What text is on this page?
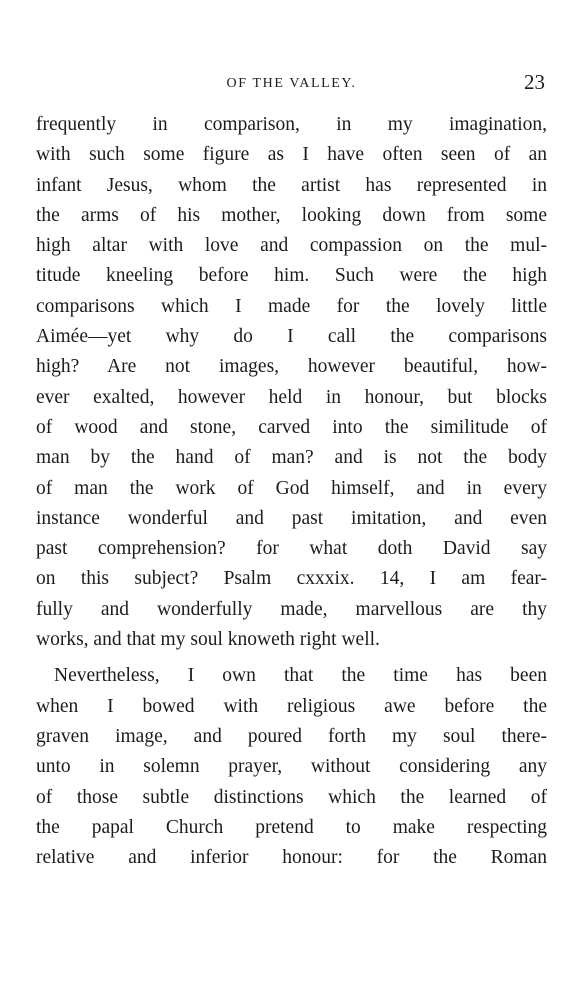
OF THE VALLEY.	23
frequently in comparison, in my imagination,
with such some figure as I have often seen of an
infant Jesus, whom the artist has represented in
the arms of his mother, looking down from some
high altar with love and compassion on the mul-
titude kneeling before him. Such were the high
comparisons which I made for the lovely little
Aimée—yet why do I call the comparisons
high? Are not images, however beautiful, how-
ever exalted, however held in honour, but blocks
of wood and stone, carved into the similitude of
man by the hand of man? and is not the body
of man the work of God himself, and in every
instance wonderful and past imitation, and even
past comprehension? for what doth David say
on this subject? Psalm cxxxix. 14, I am fear-
fully and wonderfully made, marvellous are thy
works, and that my soul knoweth right well.
Nevertheless, I own that the time has been
when I bowed with religious awe before the
graven image, and poured forth my soul there-
unto in solemn prayer, without considering any
of those subtle distinctions which the learned of
the papal Church pretend to make respecting
relative and inferior honour: for the Roman
